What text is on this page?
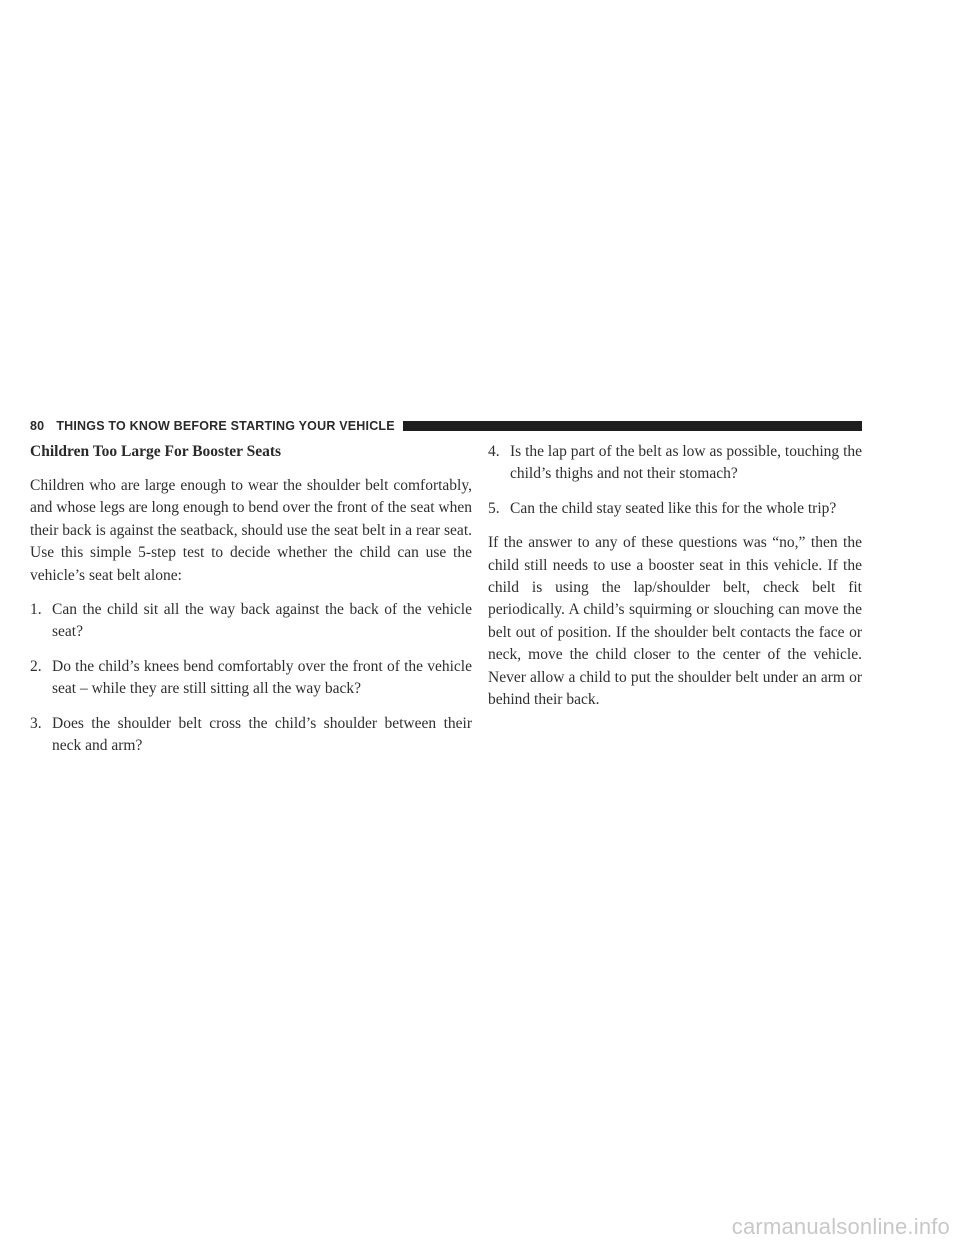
80 THINGS TO KNOW BEFORE STARTING YOUR VEHICLE
Children Too Large For Booster Seats

Children who are large enough to wear the shoulder belt comfortably, and whose legs are long enough to bend over the front of the seat when their back is against the seatback, should use the seat belt in a rear seat. Use this simple 5-step test to decide whether the child can use the vehicle’s seat belt alone:

1. Can the child sit all the way back against the back of the vehicle seat?
2. Do the child’s knees bend comfortably over the front of the vehicle seat – while they are still sitting all the way back?
3. Does the shoulder belt cross the child’s shoulder between their neck and arm?
4. Is the lap part of the belt as low as possible, touching the child’s thighs and not their stomach?
5. Can the child stay seated like this for the whole trip?

If the answer to any of these questions was “no,” then the child still needs to use a booster seat in this vehicle. If the child is using the lap/shoulder belt, check belt fit periodically. A child’s squirming or slouching can move the belt out of position. If the shoulder belt contacts the face or neck, move the child closer to the center of the vehicle. Never allow a child to put the shoulder belt under an arm or behind their back.

carmanualsonline.info
